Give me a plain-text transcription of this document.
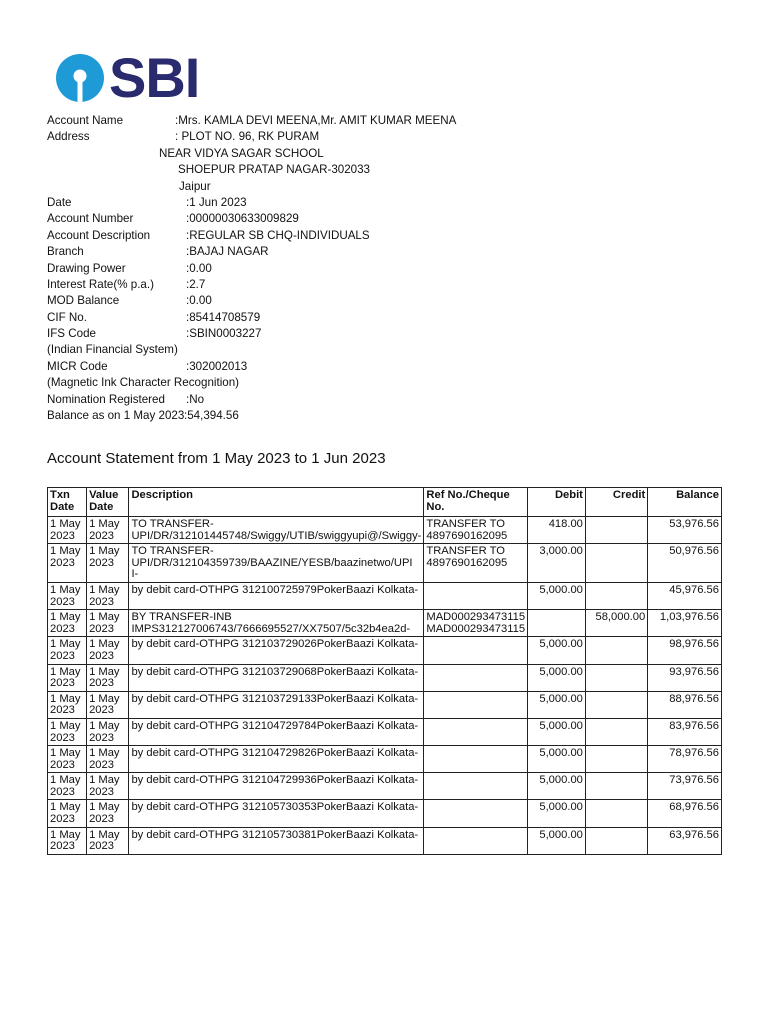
SBI
Account Name	:Mrs. KAMLA DEVI MEENA,Mr. AMIT KUMAR MEENA
Address	: PLOT NO. 96, RK PURAM
NEAR VIDYA SAGAR SCHOOL
SHOEPUR PRATAP NAGAR-302033
Jaipur
Date	:1 Jun 2023
Account Number	:00000030633009829
Account Description	:REGULAR SB CHQ-INDIVIDUALS
Branch	:BAJAJ NAGAR
Drawing Power	:0.00
Interest Rate(% p.a.)	:2.7
MOD Balance	:0.00
CIF No.	:85414708579
IFS Code	:SBIN0003227
(Indian Financial System)
MICR Code	:302002013
(Magnetic Ink Character Recognition)
Nomination Registered :No
Balance as on 1 May 2023 :54,394.56
Account Statement from 1 May 2023 to 1 Jun 2023
Txn Date	Value Date	Description	Ref No./Cheque No.	Debit	Credit	Balance
1 May 2023	1 May 2023	TO TRANSFER-UPI/DR/312101445748/Swiggy/UTIB/swiggyupi@/Swiggy-	TRANSFER TO 4897690162095	418.00		53,976.56
1 May 2023	1 May 2023	TO TRANSFER-UPI/DR/312104359739/BAAZINE/YESB/baazinetwo/UPI I-	TRANSFER TO 4897690162095	3,000.00		50,976.56
1 May 2023	1 May 2023	by debit card-OTHPG 312100725979PokerBaazi Kolkata-		5,000.00		45,976.56
1 May 2023	1 May 2023	BY TRANSFER-INB IMPS312127006743/7666695527/XX7507/5c32b4ea2d-	MAD000293473115 MAD000293473115		58,000.00	1,03,976.56
1 May 2023	1 May 2023	by debit card-OTHPG 312103729026PokerBaazi Kolkata-		5,000.00		98,976.56
1 May 2023	1 May 2023	by debit card-OTHPG 312103729068PokerBaazi Kolkata-		5,000.00		93,976.56
1 May 2023	1 May 2023	by debit card-OTHPG 312103729133PokerBaazi Kolkata-		5,000.00		88,976.56
1 May 2023	1 May 2023	by debit card-OTHPG 312104729784PokerBaazi Kolkata-		5,000.00		83,976.56
1 May 2023	1 May 2023	by debit card-OTHPG 312104729826PokerBaazi Kolkata-		5,000.00		78,976.56
1 May 2023	1 May 2023	by debit card-OTHPG 312104729936PokerBaazi Kolkata-		5,000.00		73,976.56
1 May 2023	1 May 2023	by debit card-OTHPG 312105730353PokerBaazi Kolkata-		5,000.00		68,976.56
1 May 2023	1 May 2023	by debit card-OTHPG 312105730381PokerBaazi Kolkata-		5,000.00		63,976.56
